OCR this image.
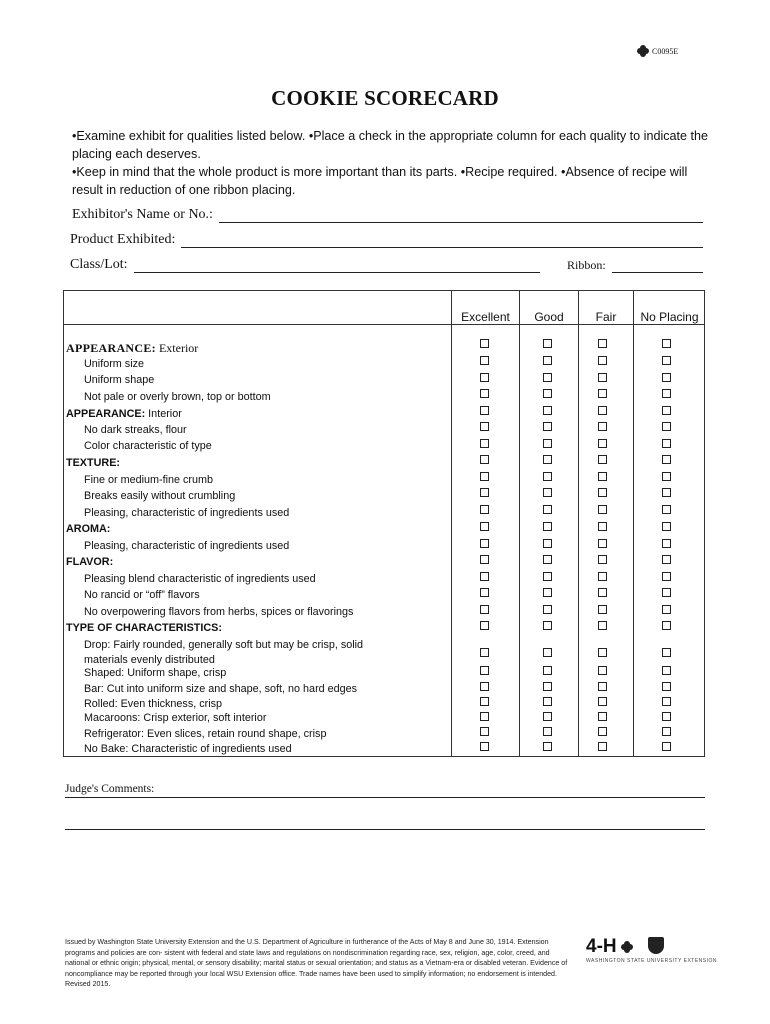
C0095E
COOKIE SCORECARD
•Examine exhibit for qualities listed below. •Place a check in the appropriate column for each quality to indicate the placing each deserves.
•Keep in mind that the whole product is more important than its parts. •Recipe required. •Absence of recipe will result in reduction of one ribbon placing.
Exhibitor's Name or No.:
Product Exhibited:
Class/Lot:	Ribbon:
Excellent	Good	Fair	No Placing
APPEARANCE: Exterior
Uniform size
Uniform shape
Not pale or overly brown, top or bottom
APPEARANCE: Interior
No dark streaks, flour
Color characteristic of type
TEXTURE:
Fine or medium-fine crumb
Breaks easily without crumbling
Pleasing, characteristic of ingredients used
AROMA:
Pleasing, characteristic of ingredients used
FLAVOR:
Pleasing blend characteristic of ingredients used
No rancid or “off” flavors
No overpowering flavors from herbs, spices or flavorings
TYPE OF CHARACTERISTICS:
Drop: Fairly rounded, generally soft but may be crisp, solid
materials evenly distributed
Shaped: Uniform shape, crisp
Bar: Cut into uniform size and shape, soft, no hard edges
Rolled: Even thickness, crisp
Macaroons: Crisp exterior, soft interior
Refrigerator: Even slices, retain round shape, crisp
No Bake: Characteristic of ingredients used
Judge's Comments:
Issued by Washington State University Extension and the U.S. Department of Agriculture in furtherance of the Acts of May 8 and June 30, 1914. Extension programs and policies are con- sistent with federal and state laws and regulations on nondiscrimination regarding race, sex, religion, age, color, creed, and national or ethnic origin; physical, mental, or sensory disability; marital status or sexual orientation; and status as a Vietnam-era or disabled veteran. Evidence of noncompliance may be reported through your local WSU Extension office. Trade names have been used to simplify information; no endorsement is intended. Revised 2015.
4-H
WASHINGTON STATE UNIVERSITY EXTENSION
